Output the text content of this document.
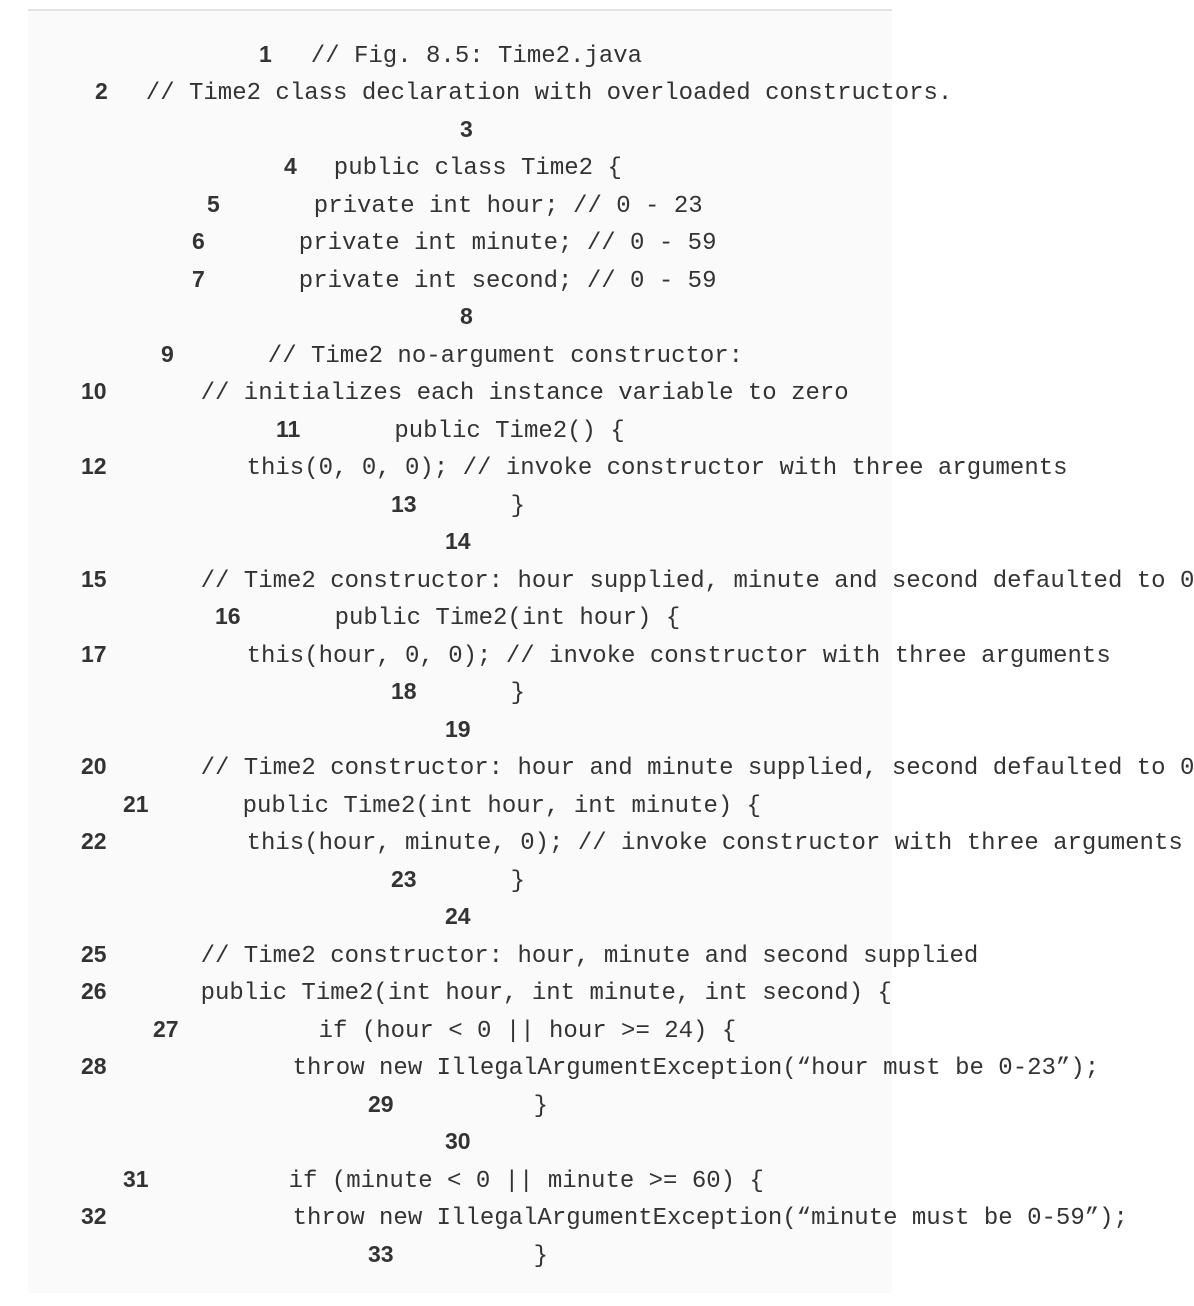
1 // Fig. 8.5: Time2.java
2 // Time2 class declaration with overloaded constructors.
3
4 public class Time2 {
5	private int hour; // 0 - 23
6	private int minute; // 0 - 59
7	private int second; // 0 - 59
8
9	// Time2 no-argument constructor:
10	// initializes each instance variable to zero
11	public Time2() {
12	this(0, 0, 0); // invoke constructor with three arguments
13	}
14
15	// Time2 constructor: hour supplied, minute and second defaulted to 0
16	public Time2(int hour) {
17	this(hour, 0, 0); // invoke constructor with three arguments
18	}
19
20	// Time2 constructor: hour and minute supplied, second defaulted to 0
21	public Time2(int hour, int minute) {
22	this(hour, minute, 0); // invoke constructor with three arguments
23	}
24
25	// Time2 constructor: hour, minute and second supplied
26	public Time2(int hour, int minute, int second) {
27	if (hour < 0 || hour >= 24) {
28	throw new IllegalArgumentException(“hour must be 0-23”);
29	}
30
31	if (minute < 0 || minute >= 60) {
32	throw new IllegalArgumentException(“minute must be 0-59”);
33	}
